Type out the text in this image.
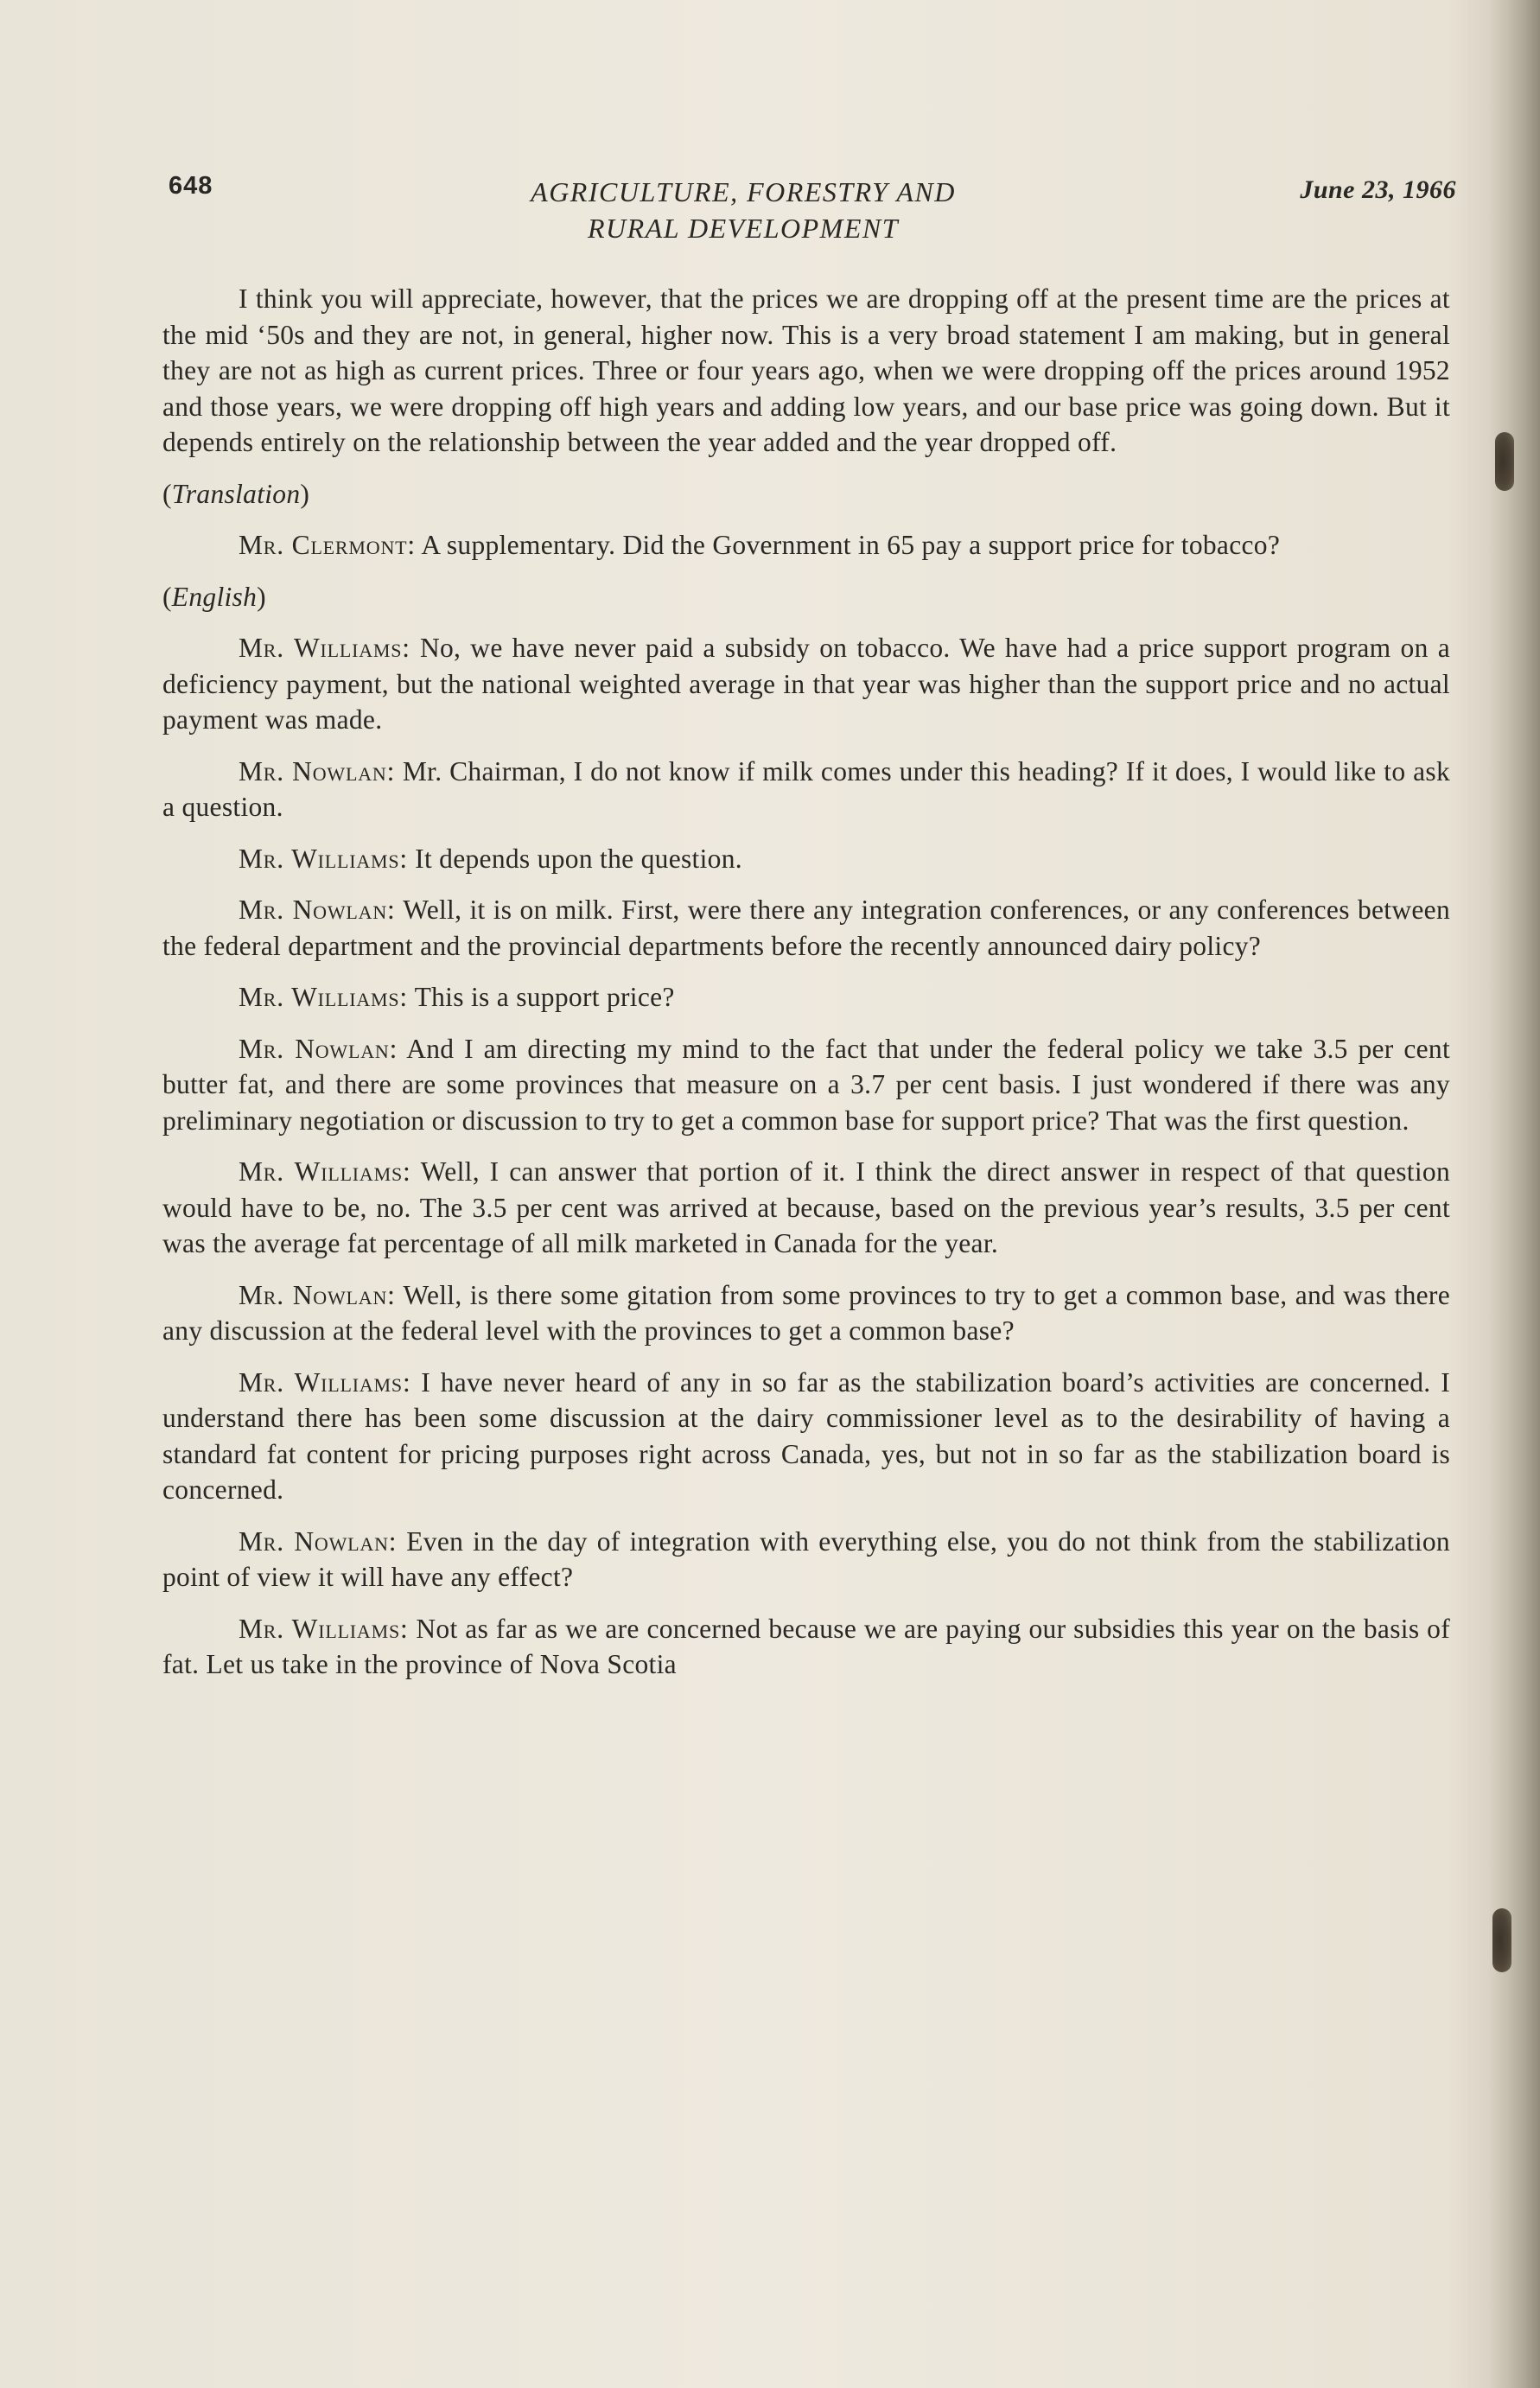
648	AGRICULTURE, FORESTRY AND
RURAL DEVELOPMENT
June 23, 1966

I think you will appreciate, however, that the prices we are dropping off at the present time are the prices at the mid ‘50s and they are not, in general, higher now. This is a very broad statement I am making, but in general they are not as high as current prices. Three or four years ago, when we were dropping off the prices around 1952 and those years, we were dropping off high years and adding low years, and our base price was going down. But it depends entirely on the relationship between the year added and the year dropped off.

(Translation)

Mr. Clermont: A supplementary. Did the Government in 65 pay a support price for tobacco?

(English)

Mr. Williams: No, we have never paid a subsidy on tobacco. We have had a price support program on a deficiency payment, but the national weighted average in that year was higher than the support price and no actual payment was made.

Mr. Nowlan: Mr. Chairman, I do not know if milk comes under this heading? If it does, I would like to ask a question.

Mr. Williams: It depends upon the question.

Mr. Nowlan: Well, it is on milk. First, were there any integration conferences, or any conferences between the federal department and the provincial departments before the recently announced dairy policy?

Mr. Williams: This is a support price?

Mr. Nowlan: And I am directing my mind to the fact that under the federal policy we take 3.5 per cent butter fat, and there are some provinces that measure on a 3.7 per cent basis. I just wondered if there was any preliminary negotiation or discussion to try to get a common base for support price? That was the first question.

Mr. Williams: Well, I can answer that portion of it. I think the direct answer in respect of that question would have to be, no. The 3.5 per cent was arrived at because, based on the previous year’s results, 3.5 per cent was the average fat percentage of all milk marketed in Canada for the year.

Mr. Nowlan: Well, is there some gitation from some provinces to try to get a common base, and was there any discussion at the federal level with the provinces to get a common base?

Mr. Williams: I have never heard of any in so far as the stabilization board’s activities are concerned. I understand there has been some discussion at the dairy commissioner level as to the desirability of having a standard fat content for pricing purposes right across Canada, yes, but not in so far as the stabilization board is concerned.

Mr. Nowlan: Even in the day of integration with everything else, you do not think from the stabilization point of view it will have any effect?

Mr. Williams: Not as far as we are concerned because we are paying our subsidies this year on the basis of fat. Let us take in the province of Nova Scotia
